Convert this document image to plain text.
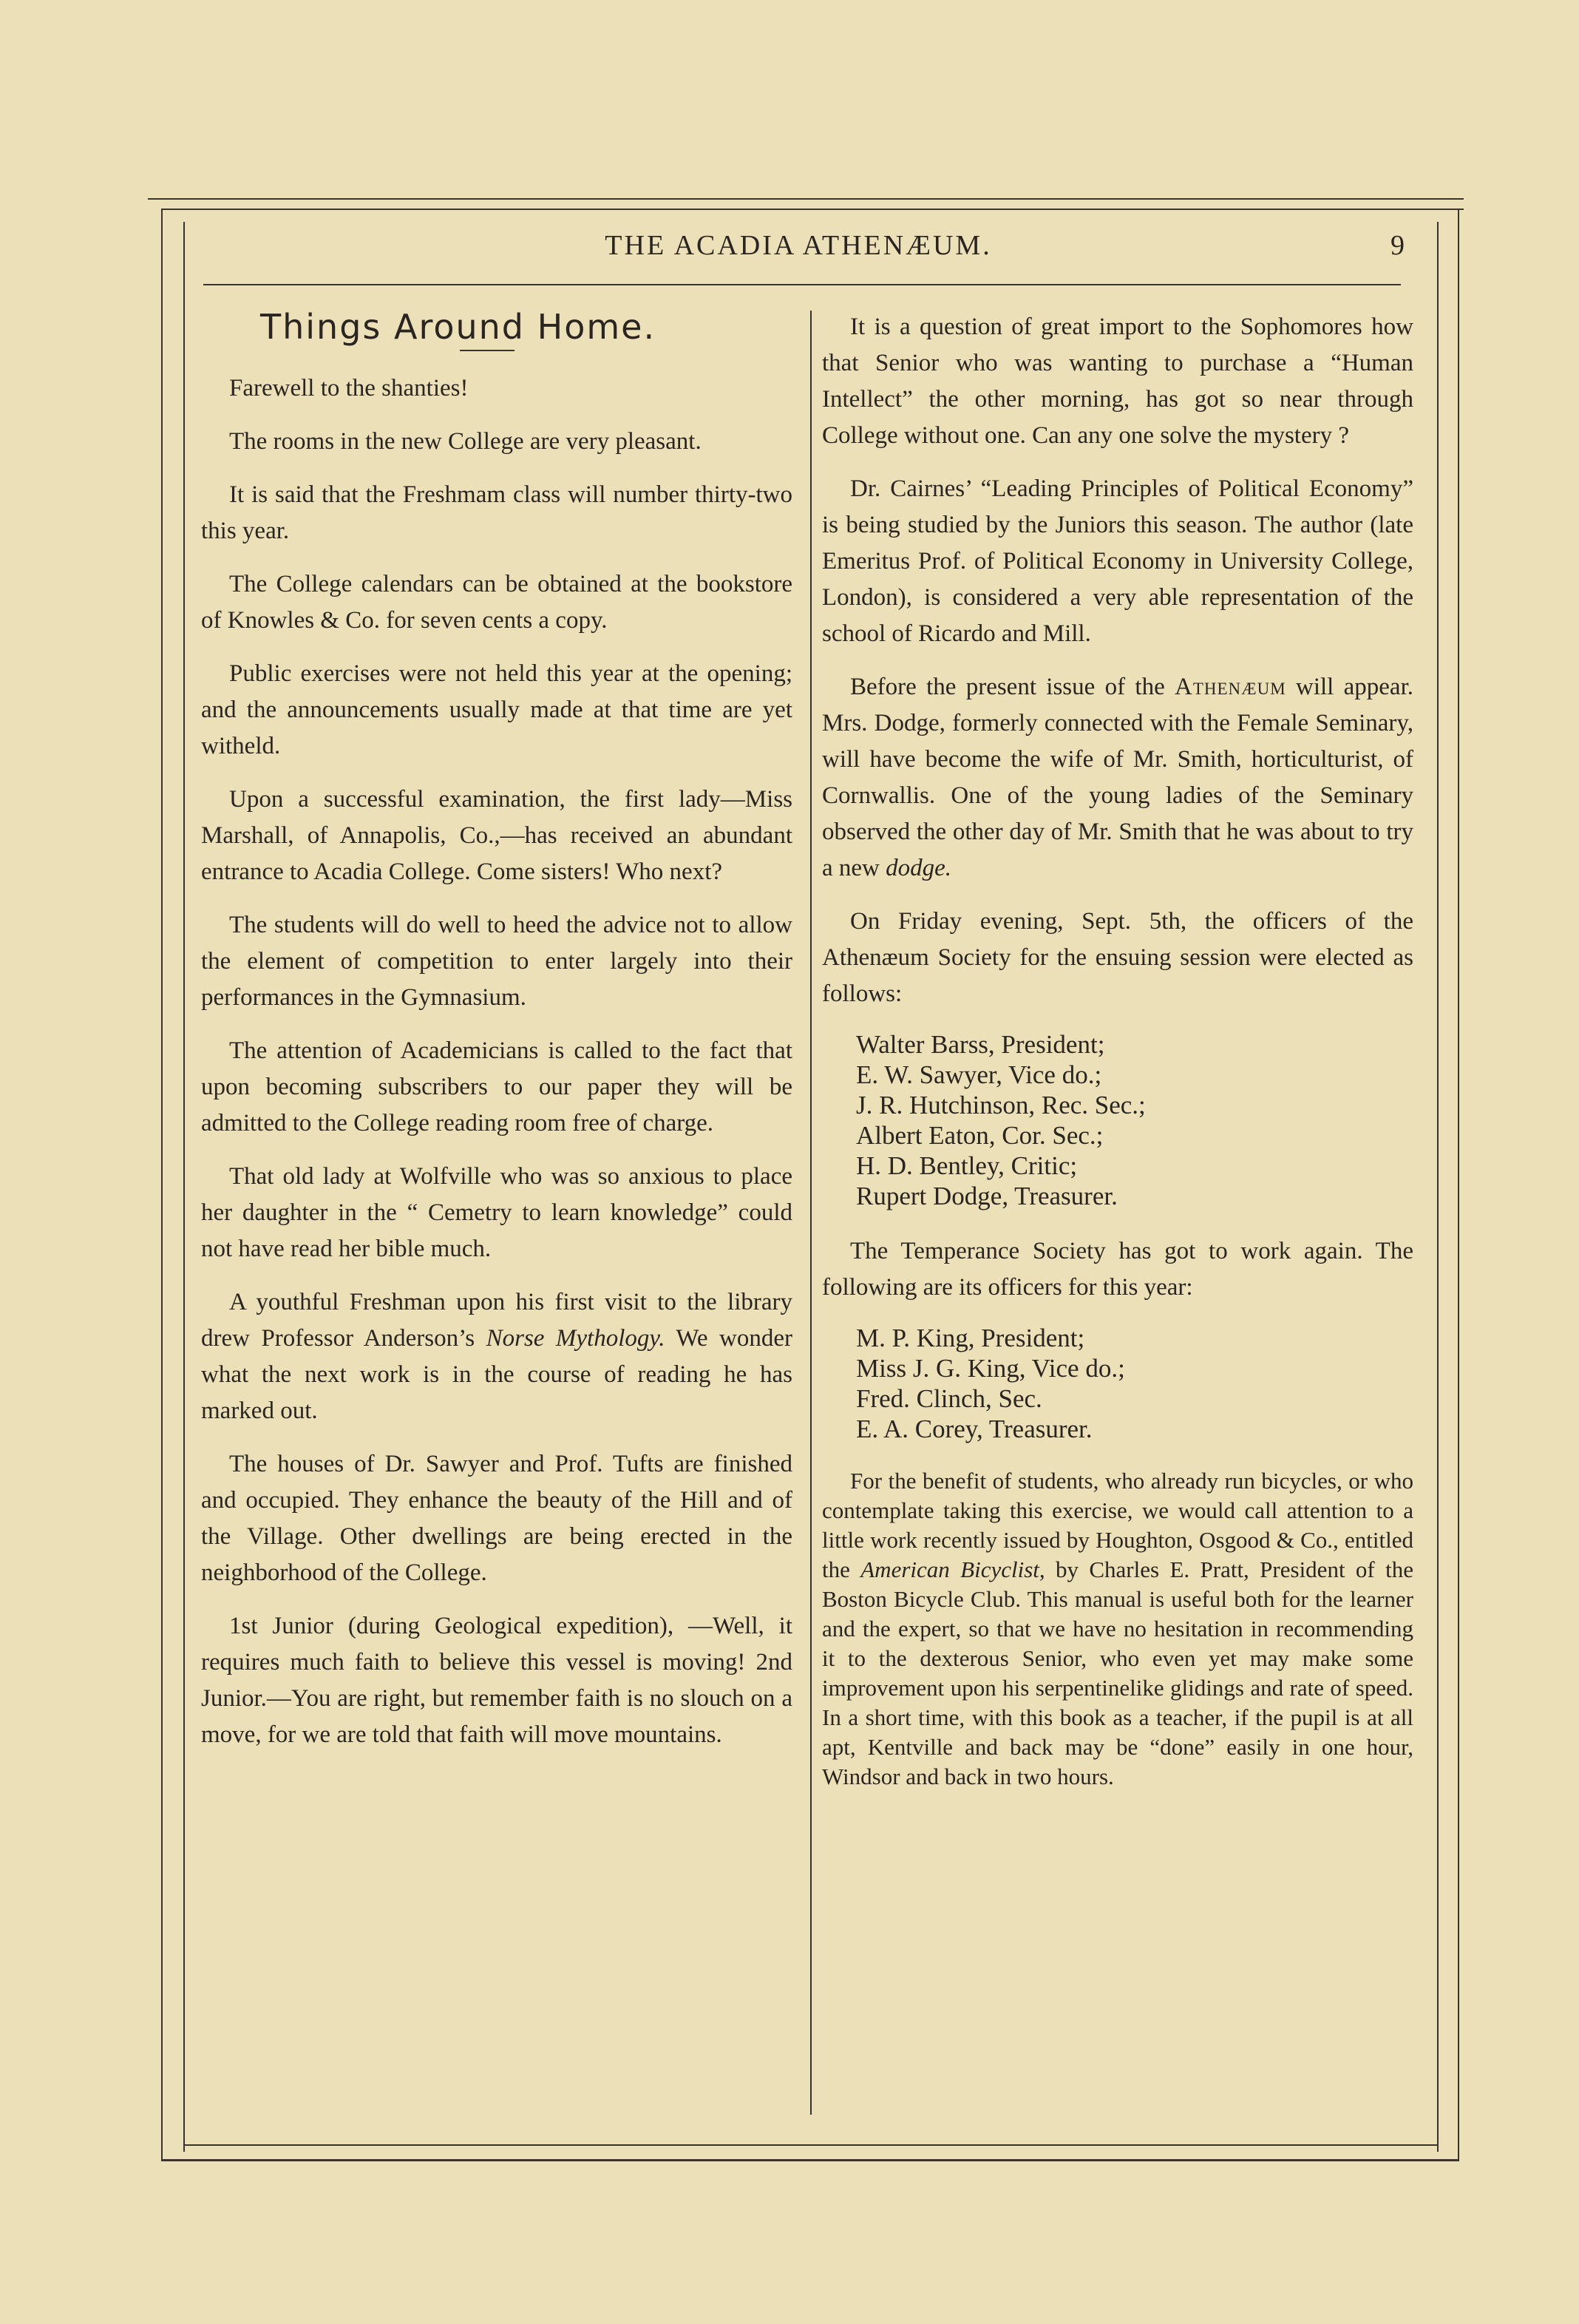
THE ACADIA ATHENÆUM.	9
Things Around Home.

Farewell to the shanties!

The rooms in the new College are very pleasant.

It is said that the Freshmam class will number thirty-two this year.

The College calendars can be obtained at the bookstore of Knowles & Co. for seven cents a copy.

Public exercises were not held this year at the opening; and the announcements usually made at that time are yet witheld.

Upon a successful examination, the first lady—Miss Marshall, of Annapolis, Co.,—has received an abundant entrance to Acadia College. Come sisters! Who next?

The students will do well to heed the advice not to allow the element of competition to enter largely into their performances in the Gymnasium.

The attention of Academicians is called to the fact that upon becoming subscribers to our paper they will be admitted to the College reading room free of charge.

That old lady at Wolfville who was so anxious to place her daughter in the “ Cemetry to learn knowledge” could not have read her bible much.

A youthful Freshman upon his first visit to the library drew Professor Anderson’s Norse Mythology. We wonder what the next work is in the course of reading he has marked out.

The houses of Dr. Sawyer and Prof. Tufts are finished and occupied. They enhance the beauty of the Hill and of the Village. Other dwellings are being erected in the neighborhood of the College.

1st Junior (during Geological expedition), —Well, it requires much faith to believe this vessel is moving! 2nd Junior.—You are right, but remember faith is no slouch on a move, for we are told that faith will move mountains.

It is a question of great import to the Sophomores how that Senior who was wanting to purchase a “Human Intellect” the other morning, has got so near through College without one. Can any one solve the mystery ?

Dr. Cairnes’ “Leading Principles of Political Economy” is being studied by the Juniors this season. The author (late Emeritus Prof. of Political Economy in University College, London), is considered a very able representation of the school of Ricardo and Mill.

Before the present issue of the Athenæum will appear. Mrs. Dodge, formerly connected with the Female Seminary, will have become the wife of Mr. Smith, horticulturist, of Cornwallis. One of the young ladies of the Seminary observed the other day of Mr. Smith that he was about to try a new dodge.

On Friday evening, Sept. 5th, the officers of the Athenæum Society for the ensuing session were elected as follows:

Walter Barss, President;
E. W. Sawyer, Vice do.;
J. R. Hutchinson, Rec. Sec.;
Albert Eaton, Cor. Sec.;
H. D. Bentley, Critic;
Rupert Dodge, Treasurer.

The Temperance Society has got to work again. The following are its officers for this year:

M. P. King, President;
Miss J. G. King, Vice do.;
Fred. Clinch, Sec.
E. A. Corey, Treasurer.

For the benefit of students, who already run bicycles, or who contemplate taking this exercise, we would call attention to a little work recently issued by Houghton, Osgood & Co., entitled the American Bicyclist, by Charles E. Pratt, President of the Boston Bicycle Club. This manual is useful both for the learner and the expert, so that we have no hesitation in recommending it to the dexterous Senior, who even yet may make some improvement upon his serpentinelike glidings and rate of speed. In a short time, with this book as a teacher, if the pupil is at all apt, Kentville and back may be “done” easily in one hour, Windsor and back in two hours.
